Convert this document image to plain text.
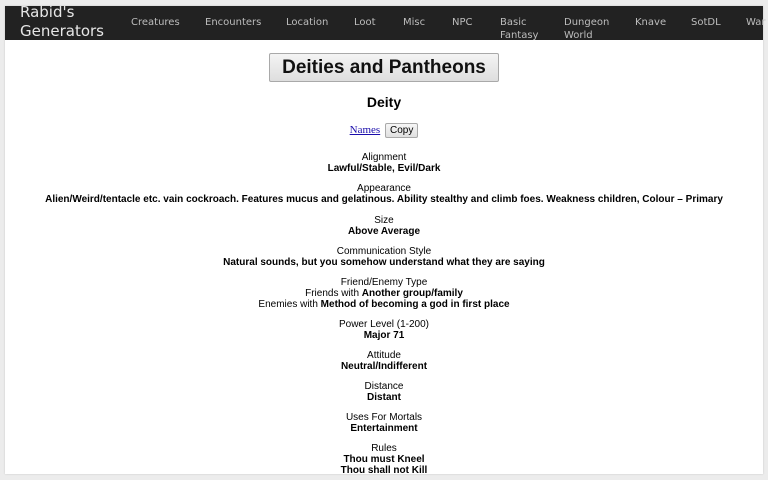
Rabid's Generators	Creatures	Encounters Location	Loot	Misc	NPC	Basic Fantasy
Dungeon World
Knave SotDL	War
Deities and Pantheons
Deity
Names Copy
Alignment
Lawful/Stable, Evil/Dark
Appearance
Alien/Weird/tentacle etc. vain cockroach. Features mucus and gelatinous. Ability stealthy and climb foes. Weakness children, Colour – Primary
Size
Above Average
Communication Style
Natural sounds, but you somehow understand what they are saying
Friend/Enemy Type
Friends with Another group/family
Enemies with Method of becoming a god in first place
Power Level (1-200)
Major 71
Attitude
Neutral/Indifferent
Distance
Distant
Uses For Mortals
Entertainment
Rules
Thou must Kneel
Thou shall not Kill
